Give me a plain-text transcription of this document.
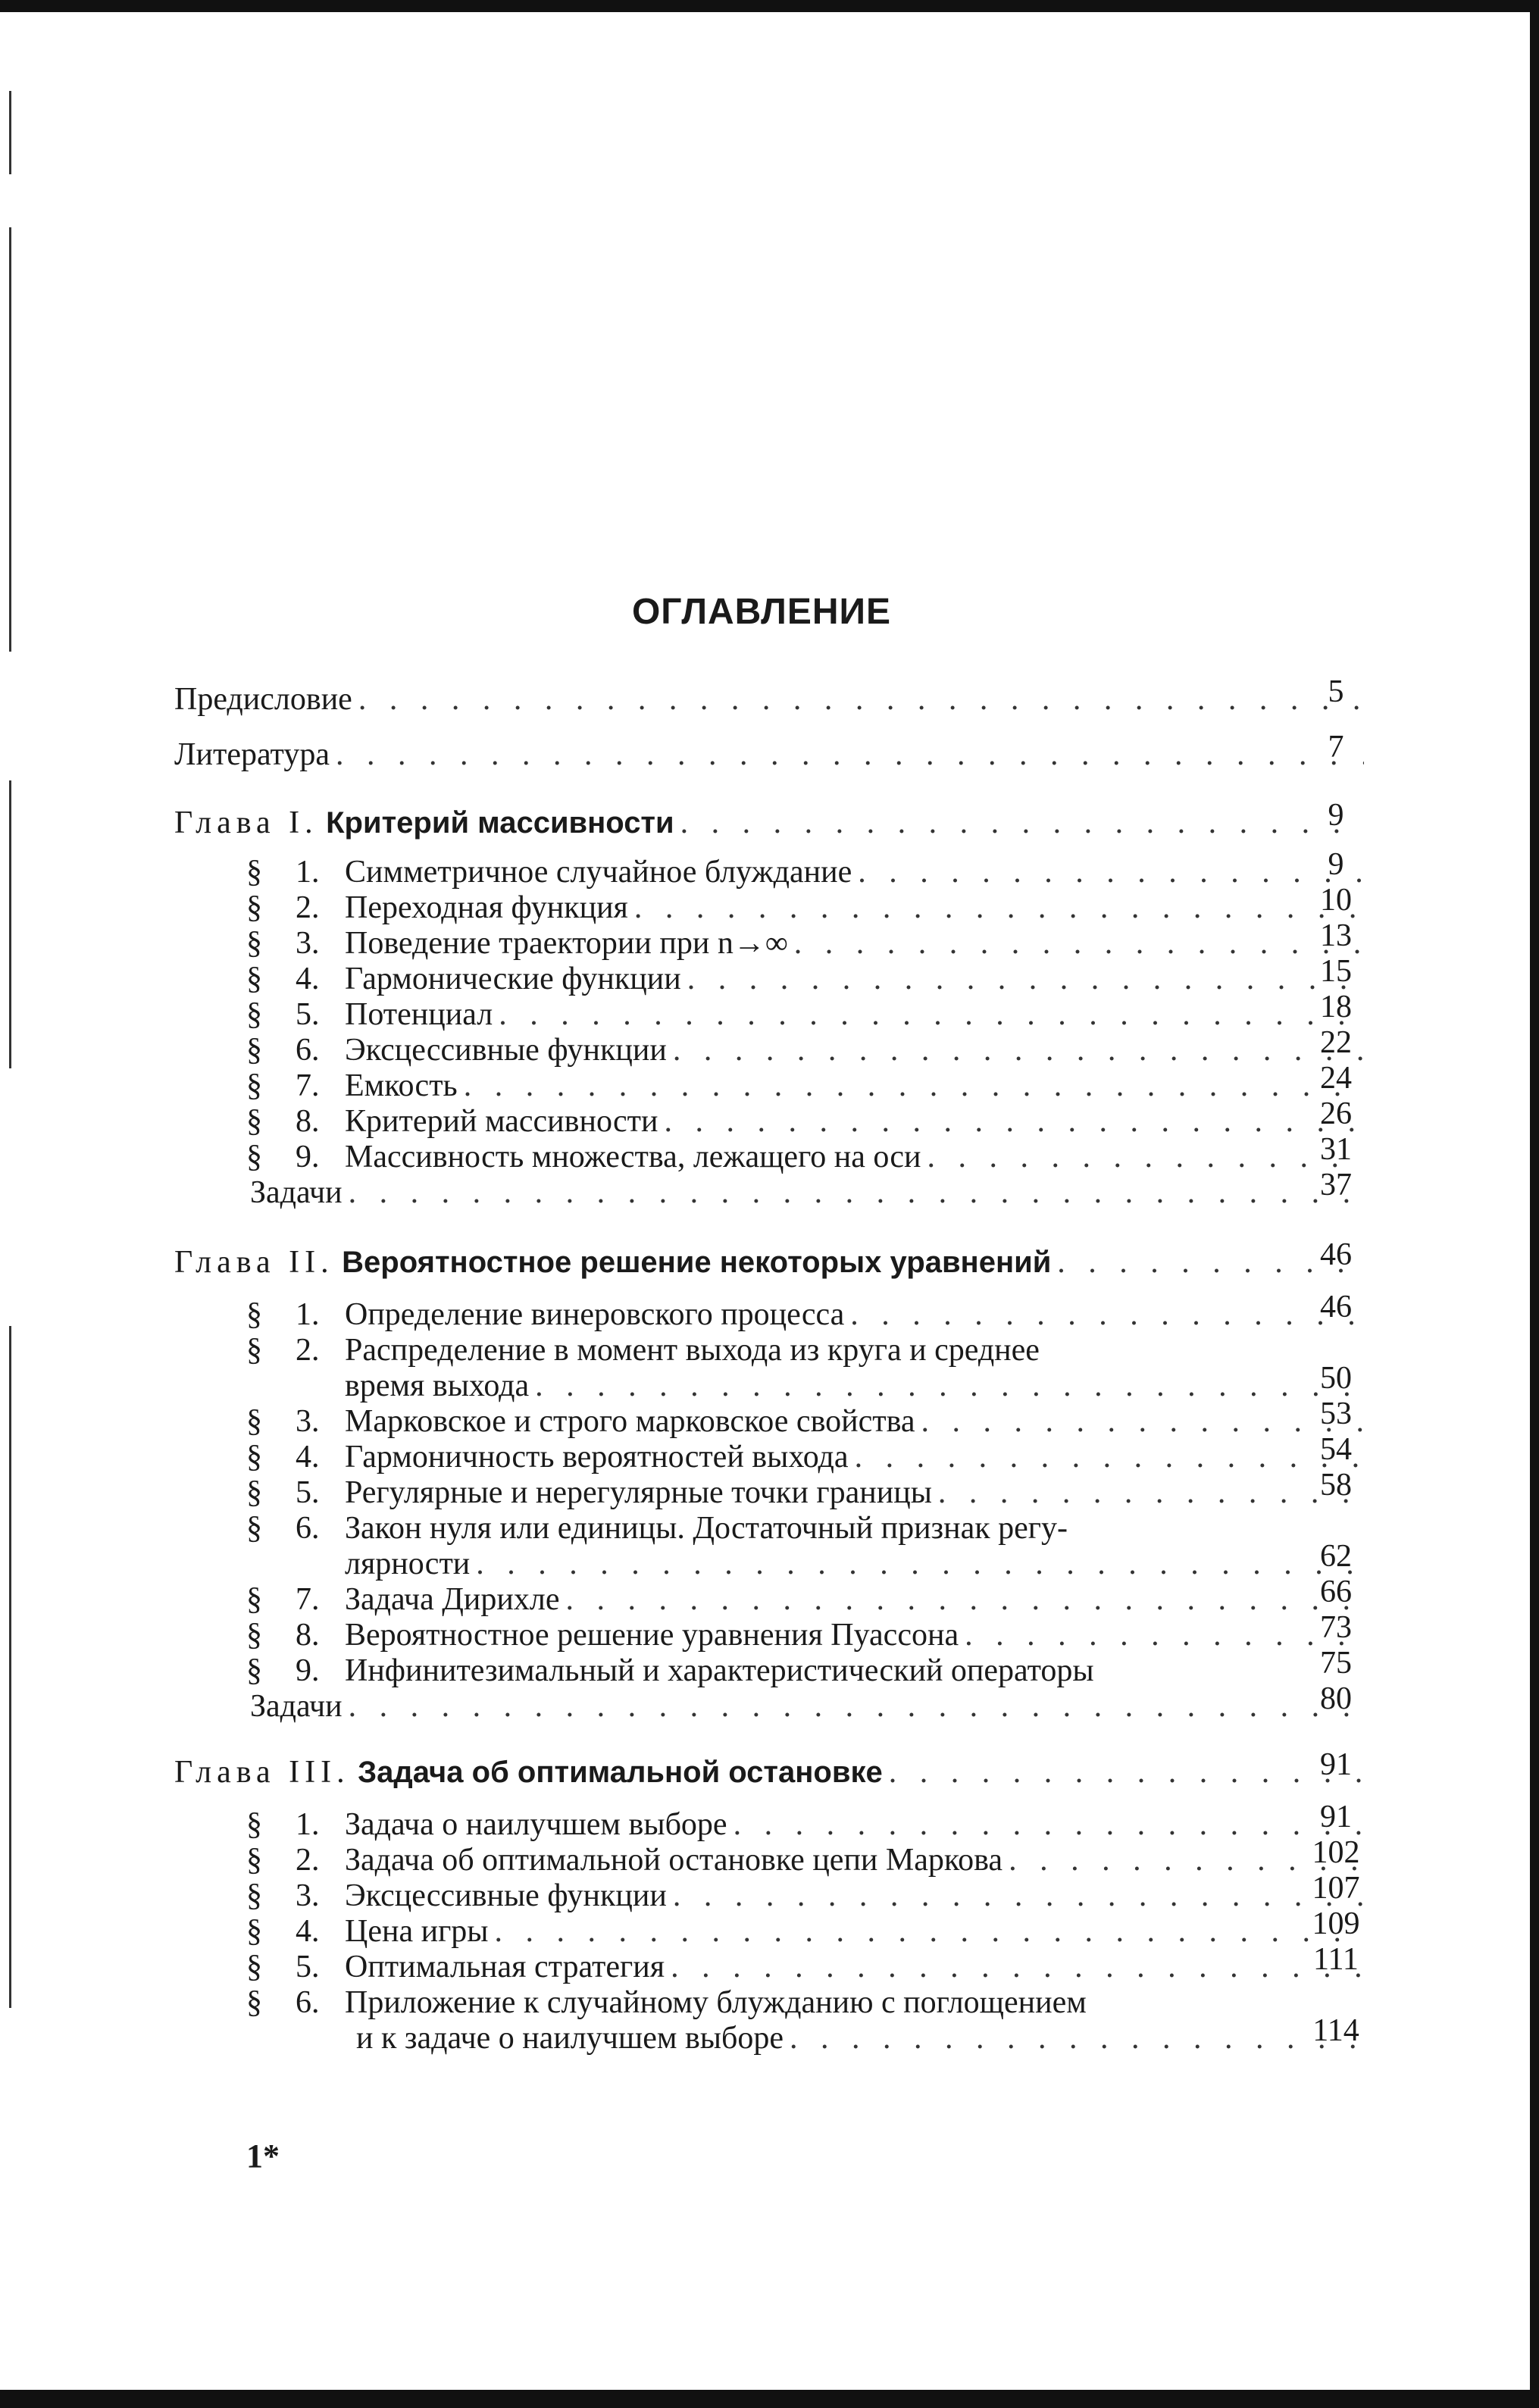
ОГЛАВЛЕНИЕ
Предисловие . . .	5
Литература . . .	7
Глава I. Критерий массивности . . .	9
§ 1. Симметричное случайное блуждание . . .	9
§ 2. Переходная функция . . .	10
§ 3. Поведение траектории при n→∞ . . .	13
§ 4. Гармонические функции . . .	15
§ 5. Потенциал . . .	18
§ 6. Эксцессивные функции . . .	22
§ 7. Емкость . . .	24
§ 8. Критерий массивности . . .	26
§ 9. Массивность множества, лежащего на оси . . .	31
Задачи . . .	37
Глава II. Вероятностное решение некоторых уравнений . . .	46
§ 1. Определение винеровского процесса . . .	46
§ 2. Распределение в момент выхода из круга и среднее
время выхода . . .	50
§ 3. Марковское и строго марковское свойства . . .	53
§ 4. Гармоничность вероятностей выхода . . .	54
§ 5. Регулярные и нерегулярные точки границы . . .	58
§ 6. Закон нуля или единицы. Достаточный признак регу-
лярности . . .	62
§ 7. Задача Дирихле . . .	66
§ 8. Вероятностное решение уравнения Пуассона . . .	73
§ 9. Инфинитезимальный и характеристический операторы	75
Задачи . . .	80
Глава III. Задача об оптимальной остановке . . .	91
§ 1. Задача о наилучшем выборе . . .	91
§ 2. Задача об оптимальной остановке цепи Маркова . . .	102
§ 3. Эксцессивные функции . . .	107
§ 4. Цена игры . . .	109
§ 5. Оптимальная стратегия . . .	111
§ 6. Приложение к случайному блужданию с поглощением
и к задаче о наилучшем выборе . . .	114
1*
